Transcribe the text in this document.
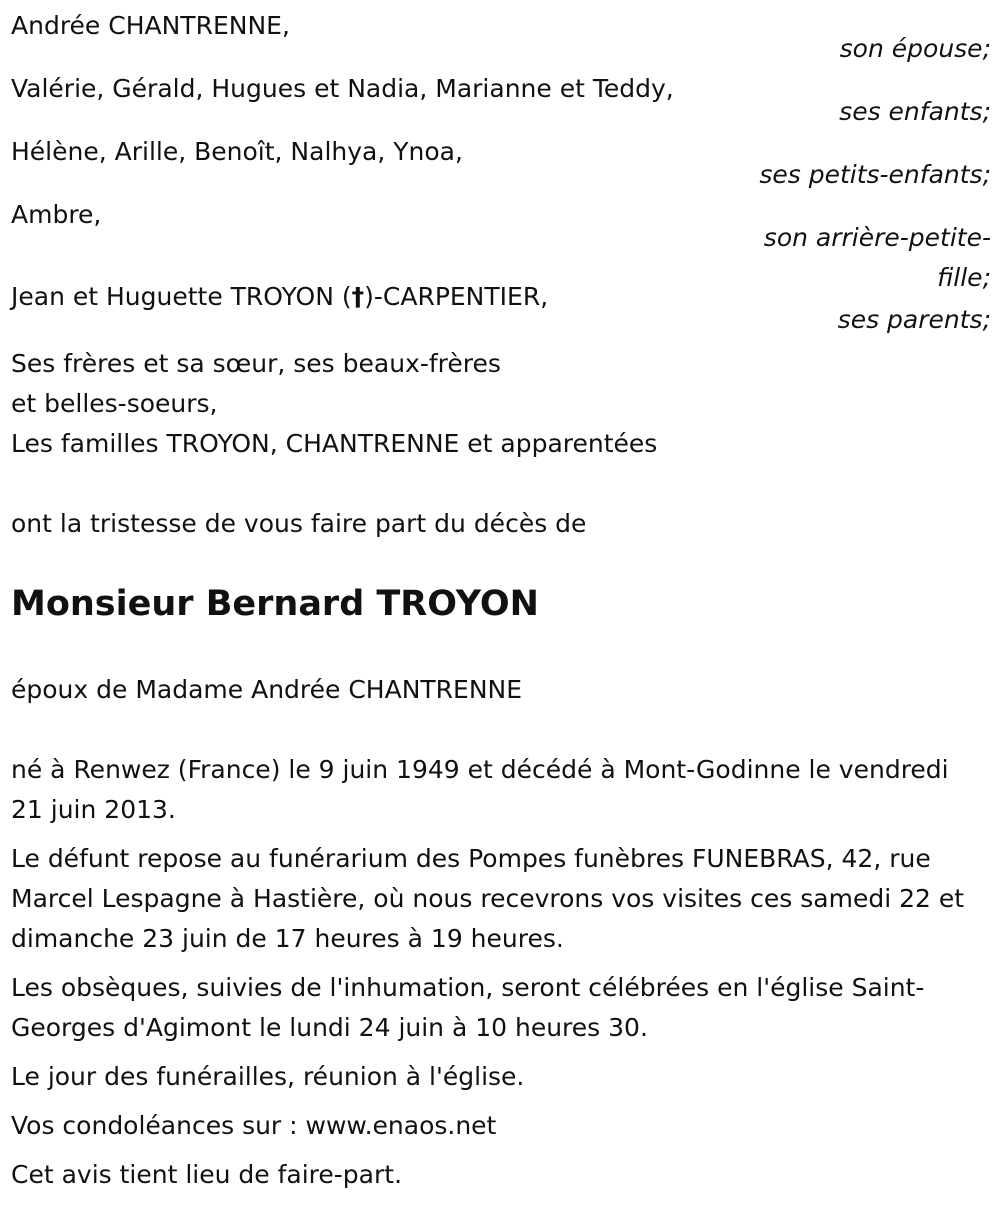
Andrée CHANTRENNE,
son épouse;
Valérie, Gérald, Hugues et Nadia, Marianne et Teddy,
ses enfants;
Hélène, Arille, Benoît, Nalhya, Ynoa,
ses petits-enfants;
Ambre,
son arrière-petite-
fille;
Jean et Huguette TROYON (†)-CARPENTIER,
ses parents;
Ses frères et sa sœur, ses beaux-frères
et belles-soeurs,
Les familles TROYON, CHANTRENNE et apparentées
ont la tristesse de vous faire part du décès de
Monsieur Bernard TROYON
époux de Madame Andrée CHANTRENNE
né à Renwez (France) le 9 juin 1949 et décédé à Mont-Godinne le vendredi 21 juin 2013.
Le défunt repose au funérarium des Pompes funèbres FUNEBRAS, 42, rue Marcel Lespagne à Hastière, où nous recevrons vos visites ces samedi 22 et dimanche 23 juin de 17 heures à 19 heures.
Les obsèques, suivies de l'inhumation, seront célébrées en l'église Saint-Georges d'Agimont le lundi 24 juin à 10 heures 30.
Le jour des funérailles, réunion à l'église.
Vos condoléances sur : www.enaos.net
Cet avis tient lieu de faire-part.
